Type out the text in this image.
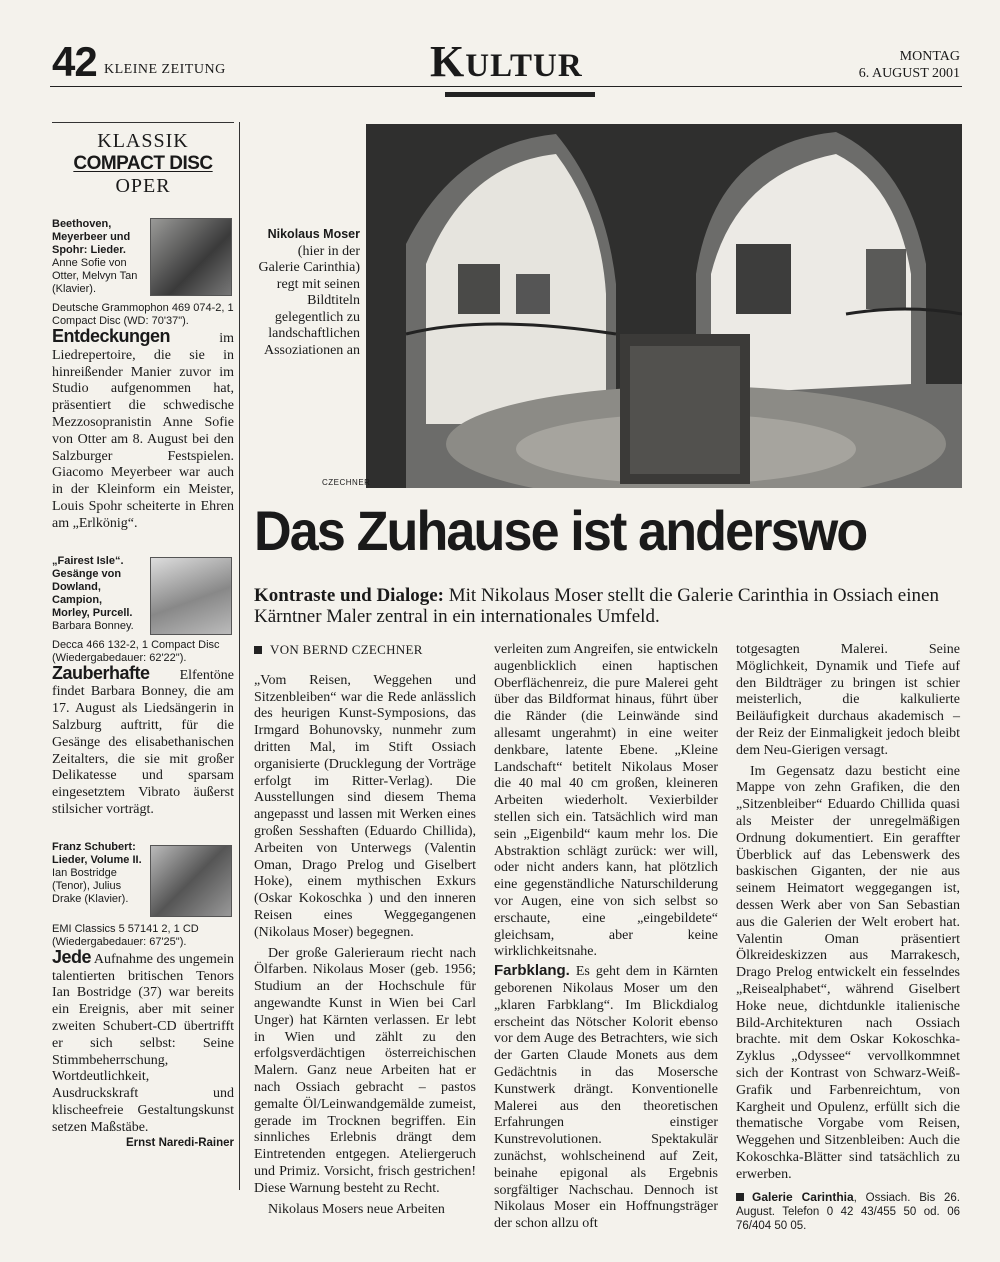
42 KLEINE ZEITUNG	KULTUR	MONTAG
6. AUGUST 2001
KLASSIK
COMPACT DISC
OPER
Beethoven, Meyerbeer und Spohr: Lieder.
Anne Sofie von Otter, Melvyn Tan (Klavier).
Deutsche Grammophon 469 074-2, 1 Compact Disc (WD: 70'37").
Entdeckungen im Liedrepertoire, die sie in hinreißender Manier zuvor im Studio aufgenommen hat, präsentiert die schwedische Mezzosopranistin Anne Sofie von Otter am 8. August bei den Salzburger Festspielen. Giacomo Meyerbeer war auch in der Kleinform ein Meister, Louis Spohr scheiterte in Ehren am „Erlkönig“.
„Fairest Isle“. Gesänge von Dowland, Campion, Morley, Purcell.
Barbara Bonney.
Decca 466 132-2, 1 Compact Disc (Wiedergabedauer: 62'22").
Zauberhafte Elfentöne findet Barbara Bonney, die am 17. August als Liedsängerin in Salzburg auftritt, für die Gesänge des elisabethanischen Zeitalters, die sie mit großer Delikatesse und sparsam eingesetztem Vibrato äußerst stilsicher vorträgt.
Franz Schubert: Lieder, Volume II.
Ian Bostridge (Tenor), Julius Drake (Klavier).
EMI Classics 5 57141 2, 1 CD (Wiedergabedauer: 67'25").
Jede Aufnahme des ungemein talentierten britischen Tenors Ian Bostridge (37) war bereits ein Ereignis, aber mit seiner zweiten Schubert-CD übertrifft er sich selbst: Seine Stimmbeherrschung, Wortdeutlichkeit, Ausdruckskraft und klischeefreie Gestaltungskunst setzen Maßstäbe.
Ernst Naredi-Rainer
Nikolaus Moser (hier in der Galerie Carinthia) regt mit seinen Bildtiteln gelegentlich zu landschaftlichen Assoziationen an
CZECHNER
Das Zuhause ist anderswo
Kontraste und Dialoge: Mit Nikolaus Moser stellt die Galerie Carinthia in Ossiach einen Kärntner Maler zentral in ein internationales Umfeld.
VON BERND CZECHNER

„Vom Reisen, Weggehen und Sitzenbleiben“ war die Rede anlässlich des heurigen Kunst-Symposions, das Irmgard Bohunovsky, nunmehr zum dritten Mal, im Stift Ossiach organisierte (Drucklegung der Vorträge erfolgt im Ritter-Verlag). Die Ausstellungen sind diesem Thema angepasst und lassen mit Werken eines großen Sesshaften (Eduardo Chillida), Arbeiten von Unterwegs (Valentin Oman, Drago Prelog und Giselbert Hoke), einem mythischen Exkurs (Oskar Kokoschka ) und den inneren Reisen eines Weggegangenen (Nikolaus Moser) begegnen.

Der große Galerieraum riecht nach Ölfarben. Nikolaus Moser (geb. 1956; Studium an der Hochschule für angewandte Kunst in Wien bei Carl Unger) hat Kärnten verlassen. Er lebt in Wien und zählt zu den erfolgsverdächtigen österreichischen Malern. Ganz neue Arbeiten hat er nach Ossiach gebracht – pastos gemalte Öl/Leinwandgemälde zumeist, gerade im Trocknen begriffen. Ein sinnliches Erlebnis drängt dem Eintretenden entgegen. Ateliergeruch und Primiz. Vorsicht, frisch gestrichen! Diese Warnung besteht zu Recht.

Nikolaus Mosers neue Arbeiten

verleiten zum Angreifen, sie entwickeln augenblicklich einen haptischen Oberflächenreiz, die pure Malerei geht über das Bildformat hinaus, führt über die Ränder (die Leinwände sind allesamt ungerahmt) in eine weiter denkbare, latente Ebene. „Kleine Landschaft“ betitelt Nikolaus Moser die 40 mal 40 cm großen, kleineren Arbeiten wiederholt. Vexierbilder stellen sich ein. Tatsächlich wird man sein „Eigenbild“ kaum mehr los. Die Abstraktion schlägt zurück: wer will, oder nicht anders kann, hat plötzlich eine gegenständliche Naturschilderung vor Augen, eine von sich selbst so erschaute, eine „eingebildete“ gleichsam, aber keine wirklichkeitsnahe.

Farbklang. Es geht dem in Kärnten geborenen Nikolaus Moser um den „klaren Farbklang“. Im Blickdialog erscheint das Nötscher Kolorit ebenso vor dem Auge des Betrachters, wie sich der Garten Claude Monets aus dem Gedächtnis in das Mosersche Kunstwerk drängt. Konventionelle Malerei aus den theoretischen Erfahrungen einstiger Kunstrevolutionen. Spektakulär zunächst, wohlscheinend auf Zeit, beinahe epigonal als Ergebnis sorgfältiger Nachschau. Dennoch ist Nikolaus Moser ein Hoffnungsträger der schon allzu oft

totgesagten Malerei. Seine Möglichkeit, Dynamik und Tiefe auf den Bildträger zu bringen ist schier meisterlich, die kalkulierte Beiläufigkeit durchaus akademisch – der Reiz der Einmaligkeit jedoch bleibt dem Neu-Gierigen versagt.

Im Gegensatz dazu besticht eine Mappe von zehn Grafiken, die den „Sitzenbleiber“ Eduardo Chillida quasi als Meister der unregelmäßigen Ordnung dokumentiert. Ein geraffter Überblick auf das Lebenswerk des baskischen Giganten, der nie aus seinem Heimatort weggegangen ist, dessen Werk aber von San Sebastian aus die Galerien der Welt erobert hat. Valentin Oman präsentiert Ölkreideskizzen aus Marrakesch, Drago Prelog entwickelt ein fesselndes „Reisealphabet“, während Giselbert Hoke neue, dichtdunkle italienische Bild-Architekturen nach Ossiach brachte. mit dem Oskar Kokoschka-Zyklus „Odyssee“ vervollkommnet sich der Kontrast von Schwarz-Weiß-Grafik und Farbenreichtum, von Kargheit und Opulenz, erfüllt sich die thematische Vorgabe vom Reisen, Weggehen und Sitzenbleiben: Auch die Kokoschka-Blätter sind tatsächlich zu erwerben.

Galerie Carinthia, Ossiach. Bis 26. August. Telefon 0 42 43/455 50 od. 06 76/404 50 05.
